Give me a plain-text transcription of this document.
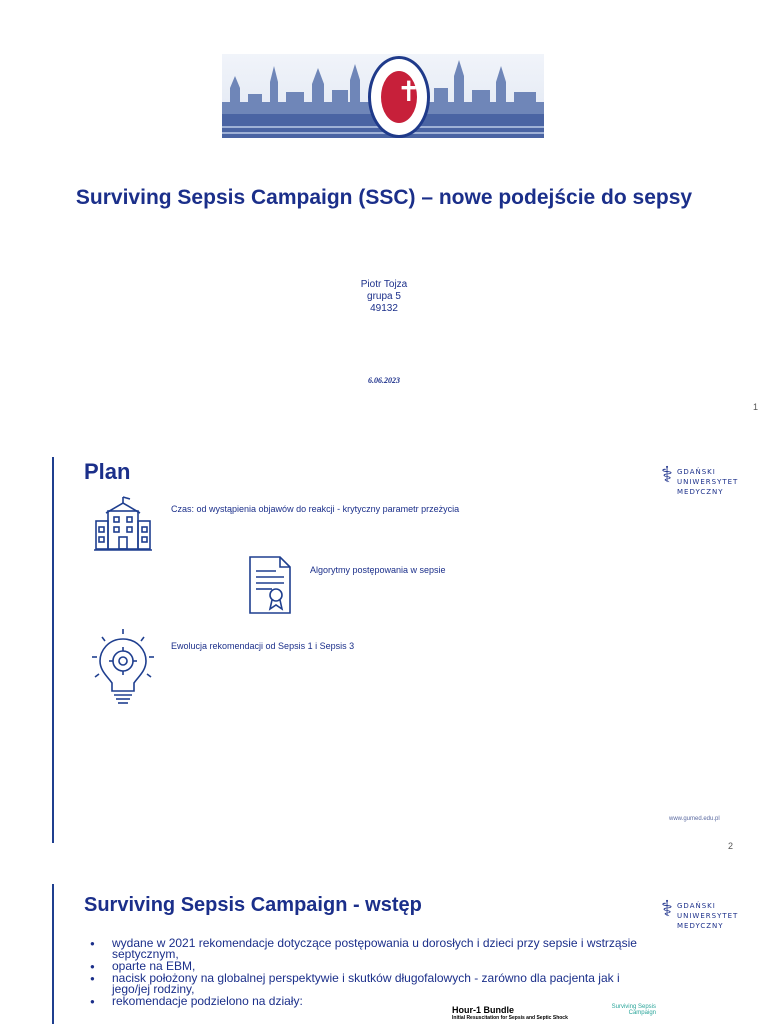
✝
Surviving Sepsis Campaign (SSC) – nowe podejście do sepsy
Piotr Tojza
grupa 5
49132
6.06.2023
1
Plan	⚕ GDAŃSKI
UNIWERSYTET
MEDYCZNY
Czas: od wystąpienia objawów do reakcji - krytyczny parametr przeżycia
Algorytmy postępowania w sepsie
Ewolucja rekomendacji od Sepsis 1 i Sepsis 3
www.gumed.edu.pl
2
Surviving Sepsis Campaign - wstęp	⚕ GDAŃSKI
UNIWERSYTET
MEDYCZNY
● wydane w 2021 rekomendacje dotyczące postępowania u dorosłych i dzieci przy sepsie i wstrząsie septycznym,
● oparte na EBM,
● nacisk położony na globalnej perspektywie i skutków długofalowych - zarówno dla pacjenta jak i jego/jej rodziny,
● rekomendacje podzielono na działy:
Hour-1 Bundle
Initial Resuscitation for Sepsis and Septic Shock
Surviving Sepsis
Campaign
